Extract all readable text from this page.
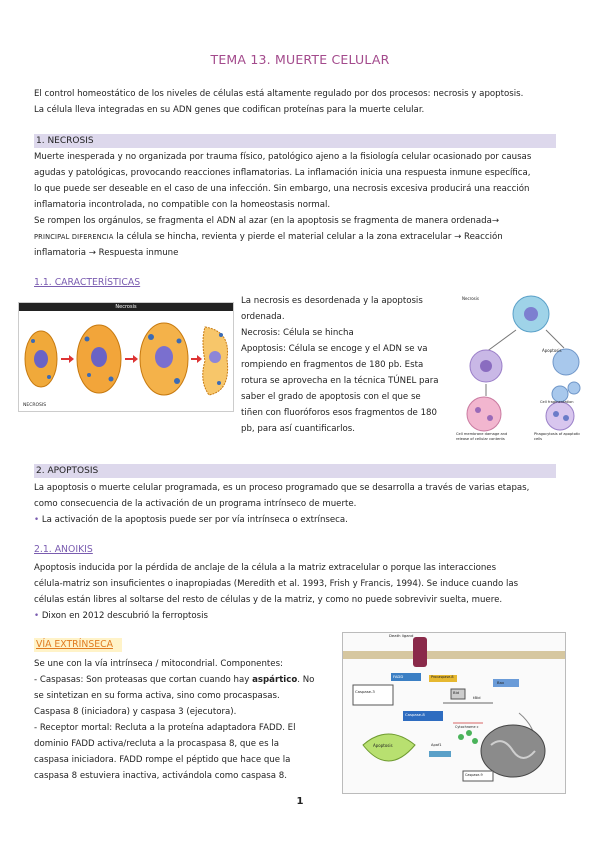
TEMA 13. MUERTE CELULAR
El control homeostático de los niveles de células está altamente regulado por dos procesos: necrosis y apoptosis.
La célula lleva integradas en su ADN genes que codifican proteínas para la muerte celular.
1. NECROSIS
Muerte inesperada y no organizada por trauma físico, patológico ajeno a la fisiología celular ocasionado por causas
agudas y patológicas, provocando reacciones inflamatorias. La inflamación inicia una respuesta inmune específica,
lo que puede ser deseable en el caso de una infección. Sin embargo, una necrosis excesiva producirá una reacción
inflamatoria incontrolada, no compatible con la homeostasis normal.
Se rompen los orgánulos, se fragmenta el ADN al azar (en la apoptosis se fragmenta de manera ordenada→
PRINCIPAL DIFERENCIA la célula se hincha, revienta y pierde el material celular a la zona extracelular → Reacción
inflamatoria → Respuesta inmune
1.1. CARACTERÍSTICAS
Necrosis
NECROSIS
La necrosis es desordenada y la apoptosis
ordenada.
Necrosis: Célula se hincha
Apoptosis: Célula se encoge y el ADN se va
rompiendo en fragmentos de 180 pb. Esta
rotura se aprovecha en la técnica TÚNEL para
saber el grado de apoptosis con el que se
tiñen con fluoróforos esos fragmentos de 180
pb, para así cuantificarlos.
Necrosis
Apoptosis
Cell fragmentation
Cell membrane damage and release of cellular contents
Phagocytosis of apoptotic cells
2. APOPTOSIS
La apoptosis o muerte celular programada, es un proceso programado que se desarrolla a través de varias etapas,
como consecuencia de la activación de un programa intrínseco de muerte.
• La activación de la apoptosis puede ser por vía intrínseca o extrínseca.
2.1. ANOIKIS
Apoptosis inducida por la pérdida de anclaje de la célula a la matriz extracelular o porque las interacciones
célula-matriz son insuficientes o inapropiadas (Meredith et al. 1993, Frish y Francis, 1994). Se induce cuando las
células están libres al soltarse del resto de células y de la matriz, y como no puede sobrevivir suelta, muere.
• Dixon en 2012 descubrió la ferroptosis
VÍA EXTRÍNSECA
Se une con la vía intrínseca / mitocondrial. Componentes:
- Caspasas: Son proteasas que cortan cuando hay aspártico. No
se sintetizan en su forma activa, sino como procaspasas.
Caspasa 8 (iniciadora) y caspasa 3 (ejecutora).
- Receptor mortal: Recluta a la proteína adaptadora FADD. El
dominio FADD activa/recluta a la procaspasa 8, que es la
caspasa iniciadora. FADD rompe el péptido que hace que la
caspasa 8 estuviera inactiva, activándola como caspasa 8.
Death ligand
FADD	Procaspase-8
Caspase-8
Caspase-3	Bid
tBid
Bax
Cytochrome c
Apaf1
Caspase-9
Apoptosis
1
